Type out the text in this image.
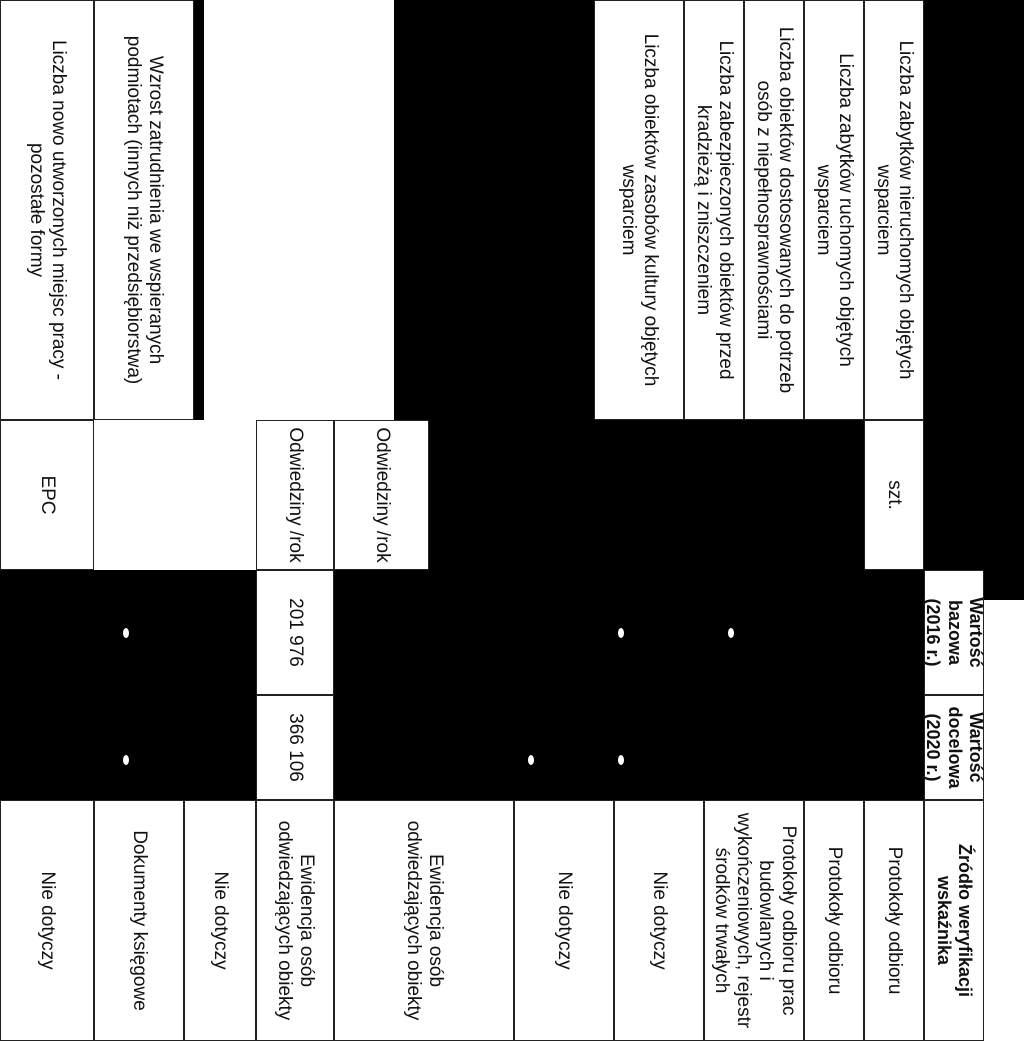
Wartość bazowa (2016 r.)
Wartość docelowa (2020 r.)
Źródło weryfikacji wskaźnika
Liczba zabytków nieruchomych objętych wsparciem
Liczba zabytków ruchomych objętych wsparciem
Liczba obiektów dostosowanych do potrzeb osób z niepełnosprawnościami
Liczba zabezpieczonych obiektów przed kradzieżą i zniszczeniem
Liczba obiektów zasobów kultury objętych wsparciem
Wzrost zatrudnienia we wspieranych podmiotach (innych niż przedsiębiorstwa)
Liczba nowo utworzonych miejsc pracy - pozostałe formy
szt.
Odwiedziny /rok
Odwiedziny /rok
EPC
201 976
366 106
Protokoły odbioru
Protokoły odbioru
Protokoły odbioru prac budowlanych i wykończeniowych, rejestr środków trwałych
Nie dotyczy
Nie dotyczy
Ewidencja osób odwiedzających obiekty
Ewidencja osób odwiedzających obiekty
Nie dotyczy
Dokumenty księgowe
Nie dotyczy
